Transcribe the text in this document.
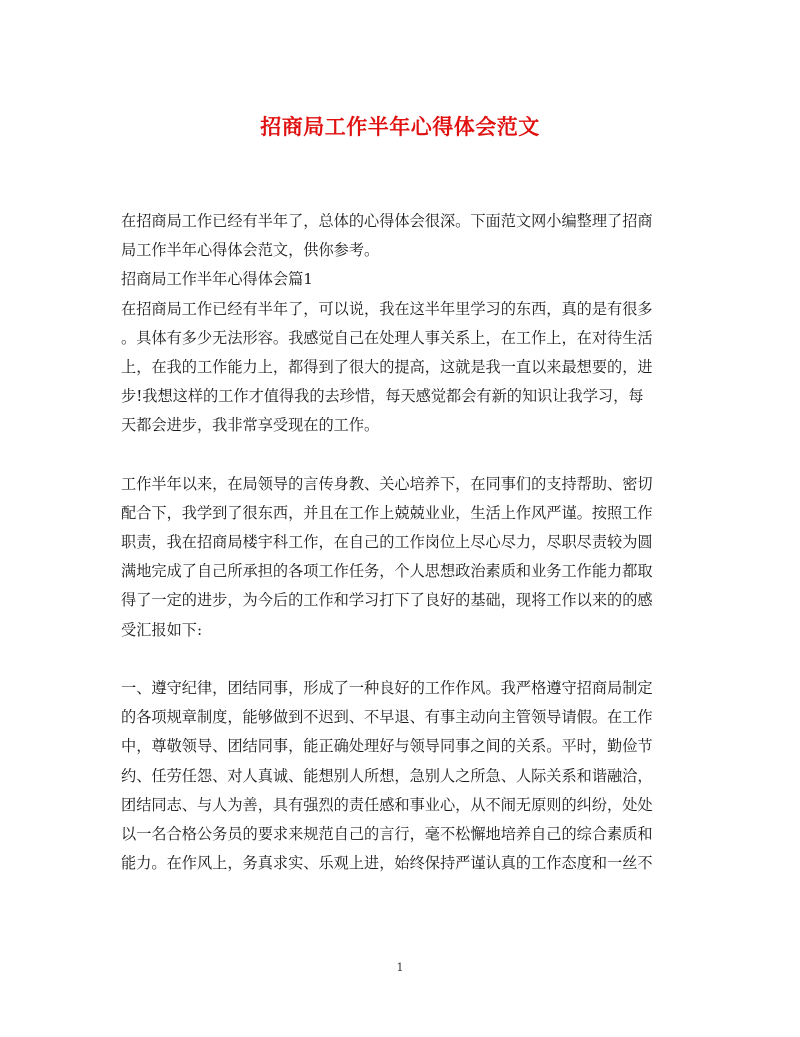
招商局工作半年心得体会范文
在招商局工作已经有半年了，总体的心得体会很深。下面范文网小编整理了招商
局工作半年心得体会范文，供你参考。
招商局工作半年心得体会篇1
在招商局工作已经有半年了，可以说，我在这半年里学习的东西，真的是有很多
。具体有多少无法形容。我感觉自己在处理人事关系上，在工作上，在对待生活
上，在我的工作能力上，都得到了很大的提高，这就是我一直以来最想要的，进
步!我想这样的工作才值得我的去珍惜，每天感觉都会有新的知识让我学习，每
天都会进步，我非常享受现在的工作。
工作半年以来，在局领导的言传身教、关心培养下，在同事们的支持帮助、密切
配合下，我学到了很东西，并且在工作上兢兢业业，生活上作风严谨。按照工作
职责，我在招商局楼宇科工作，在自己的工作岗位上尽心尽力，尽职尽责较为圆
满地完成了自己所承担的各项工作任务，个人思想政治素质和业务工作能力都取
得了一定的进步，为今后的工作和学习打下了良好的基础，现将工作以来的的感
受汇报如下:
一、遵守纪律，团结同事，形成了一种良好的工作作风。我严格遵守招商局制定
的各项规章制度，能够做到不迟到、不早退、有事主动向主管领导请假。在工作
中，尊敬领导、团结同事，能正确处理好与领导同事之间的关系。平时，勤俭节
约、任劳任怨、对人真诚、能想别人所想，急别人之所急、人际关系和谐融洽，
团结同志、与人为善，具有强烈的责任感和事业心，从不闹无原则的纠纷，处处
以一名合格公务员的要求来规范自己的言行，毫不松懈地培养自己的综合素质和
能力。在作风上，务真求实、乐观上进，始终保持严谨认真的工作态度和一丝不
1
